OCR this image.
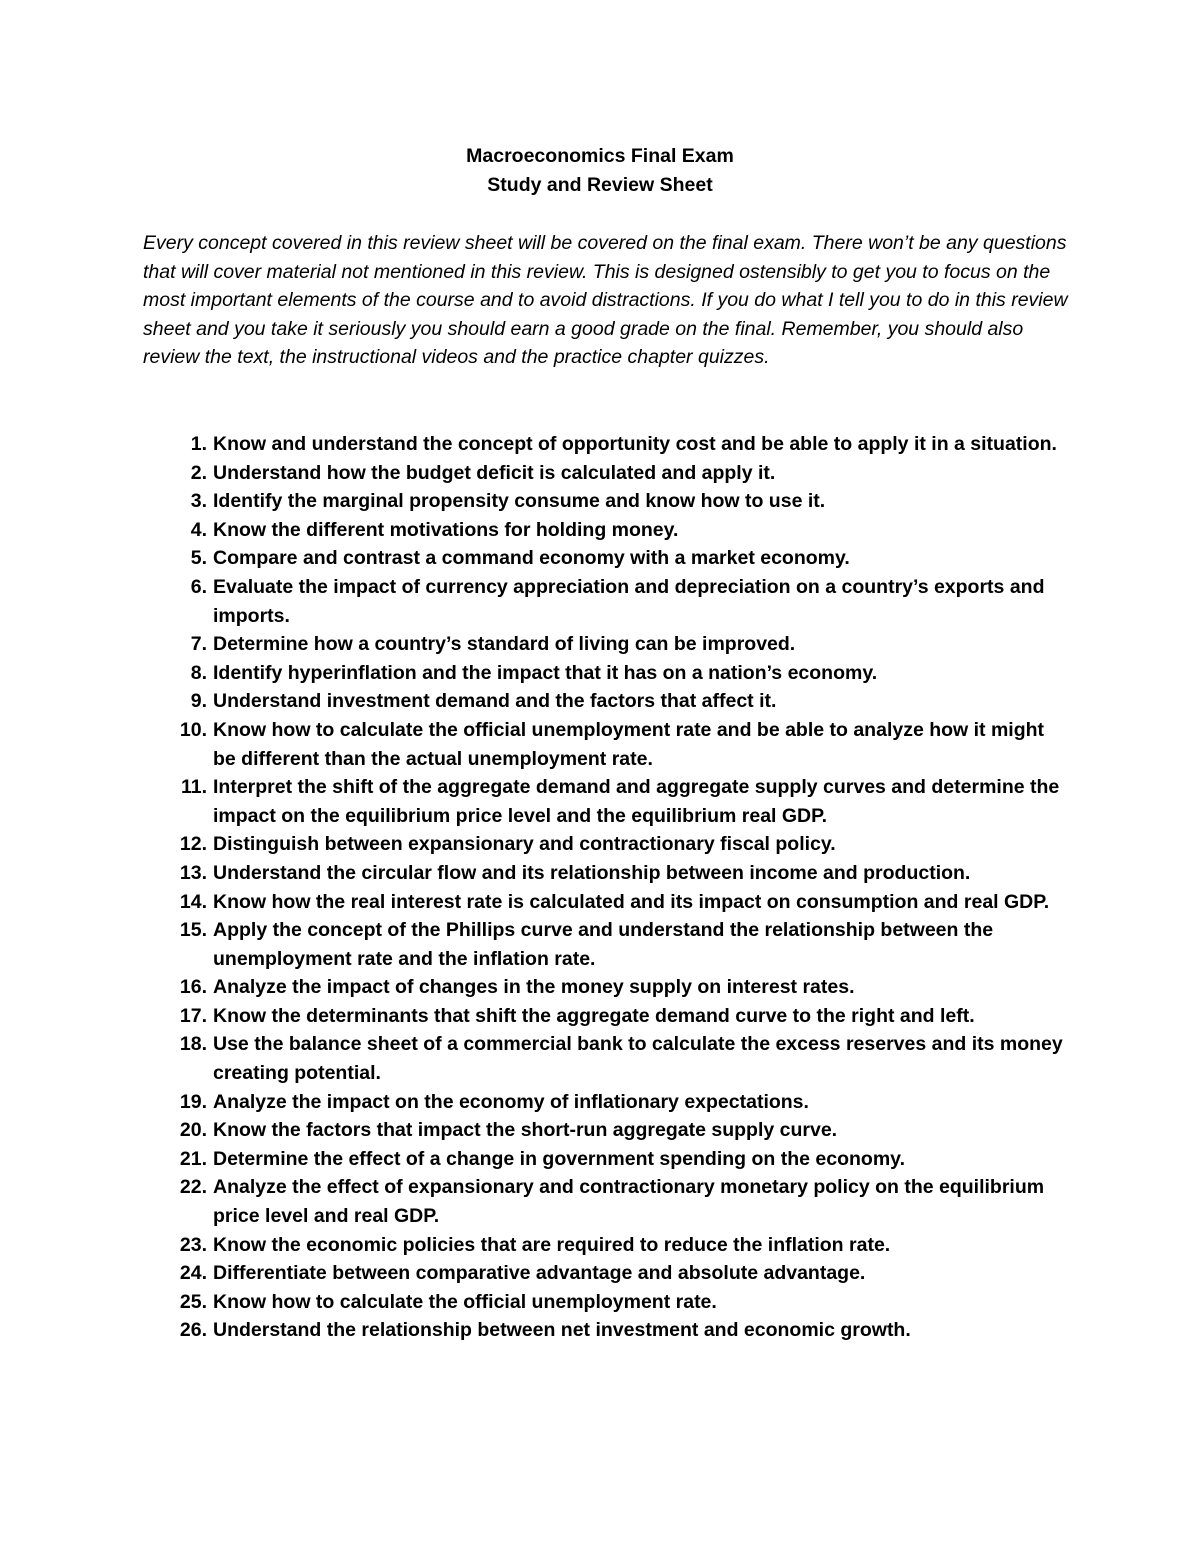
Macroeconomics Final Exam
Study and Review Sheet

Every concept covered in this review sheet will be covered on the final exam. There won’t be any questions that will cover material not mentioned in this review. This is designed ostensibly to get you to focus on the most important elements of the course and to avoid distractions. If you do what I tell you to do in this review sheet and you take it seriously you should earn a good grade on the final. Remember, you should also review the text, the instructional videos and the practice chapter quizzes.

1. Know and understand the concept of opportunity cost and be able to apply it in a situation.
2. Understand how the budget deficit is calculated and apply it.
3. Identify the marginal propensity consume and know how to use it.
4. Know the different motivations for holding money.
5. Compare and contrast a command economy with a market economy.
6. Evaluate the impact of currency appreciation and depreciation on a country’s exports and imports.
7. Determine how a country’s standard of living can be improved.
8. Identify hyperinflation and the impact that it has on a nation’s economy.
9. Understand investment demand and the factors that affect it.
10. Know how to calculate the official unemployment rate and be able to analyze how it might be different than the actual unemployment rate.
11. Interpret the shift of the aggregate demand and aggregate supply curves and determine the impact on the equilibrium price level and the equilibrium real GDP.
12. Distinguish between expansionary and contractionary fiscal policy.
13. Understand the circular flow and its relationship between income and production.
14. Know how the real interest rate is calculated and its impact on consumption and real GDP.
15. Apply the concept of the Phillips curve and understand the relationship between the unemployment rate and the inflation rate.
16. Analyze the impact of changes in the money supply on interest rates.
17. Know the determinants that shift the aggregate demand curve to the right and left.
18. Use the balance sheet of a commercial bank to calculate the excess reserves and its money creating potential.
19. Analyze the impact on the economy of inflationary expectations.
20. Know the factors that impact the short-run aggregate supply curve.
21. Determine the effect of a change in government spending on the economy.
22. Analyze the effect of expansionary and contractionary monetary policy on the equilibrium price level and real GDP.
23. Know the economic policies that are required to reduce the inflation rate.
24. Differentiate between comparative advantage and absolute advantage.
25. Know how to calculate the official unemployment rate.
26. Understand the relationship between net investment and economic growth.
